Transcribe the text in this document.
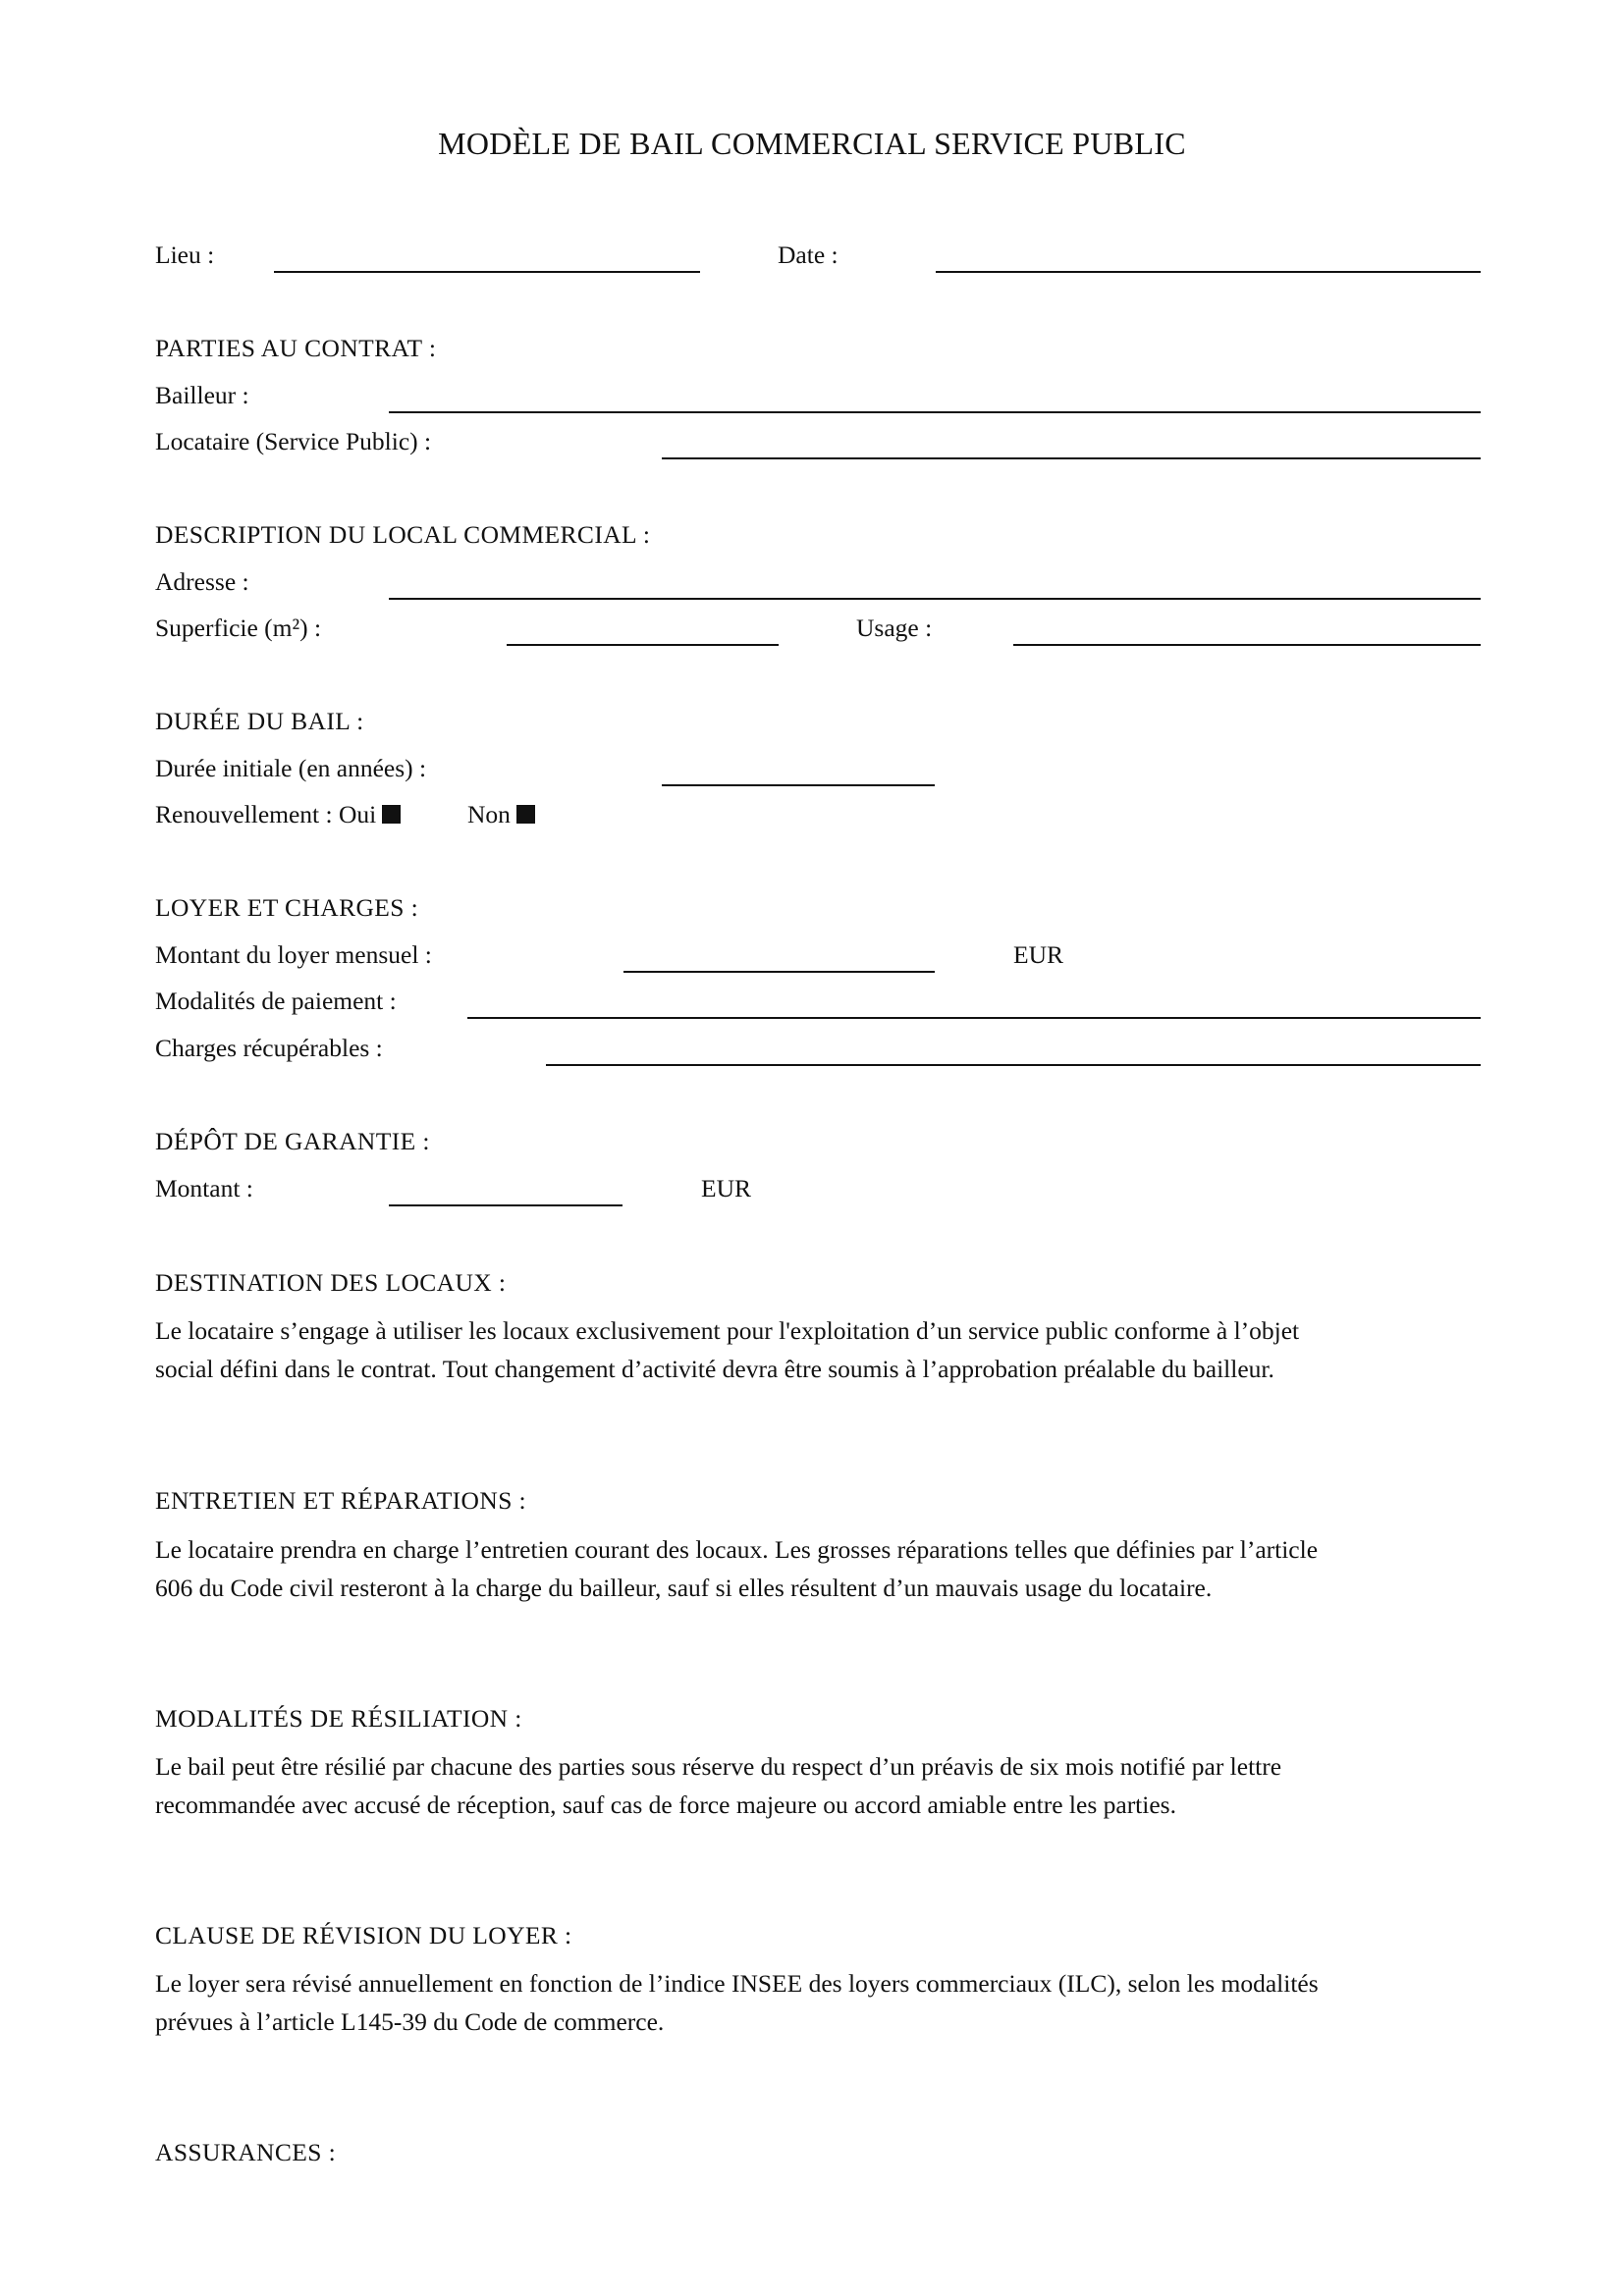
MODÈLE DE BAIL COMMERCIAL SERVICE PUBLIC
Lieu :	Date :
PARTIES AU CONTRAT :
Bailleur :
Locataire (Service Public) :
DESCRIPTION DU LOCAL COMMERCIAL :
Adresse :
Superficie (m²) :	Usage :
DURÉE DU BAIL :
Durée initiale (en années) :
Renouvellement : Oui	Non
LOYER ET CHARGES :
Montant du loyer mensuel :	EUR
Modalités de paiement :
Charges récupérables :
DÉPÔT DE GARANTIE :
Montant :	EUR
DESTINATION DES LOCAUX :
Le locataire s’engage à utiliser les locaux exclusivement pour l'exploitation d’un service public conforme à l’objet
social défini dans le contrat. Tout changement d’activité devra être soumis à l’approbation préalable du bailleur.
ENTRETIEN ET RÉPARATIONS :
Le locataire prendra en charge l’entretien courant des locaux. Les grosses réparations telles que définies par l’article
606 du Code civil resteront à la charge du bailleur, sauf si elles résultent d’un mauvais usage du locataire.
MODALITÉS DE RÉSILIATION :
Le bail peut être résilié par chacune des parties sous réserve du respect d’un préavis de six mois notifié par lettre
recommandée avec accusé de réception, sauf cas de force majeure ou accord amiable entre les parties.
CLAUSE DE RÉVISION DU LOYER :
Le loyer sera révisé annuellement en fonction de l’indice INSEE des loyers commerciaux (ILC), selon les modalités
prévues à l’article L145-39 du Code de commerce.
ASSURANCES :
